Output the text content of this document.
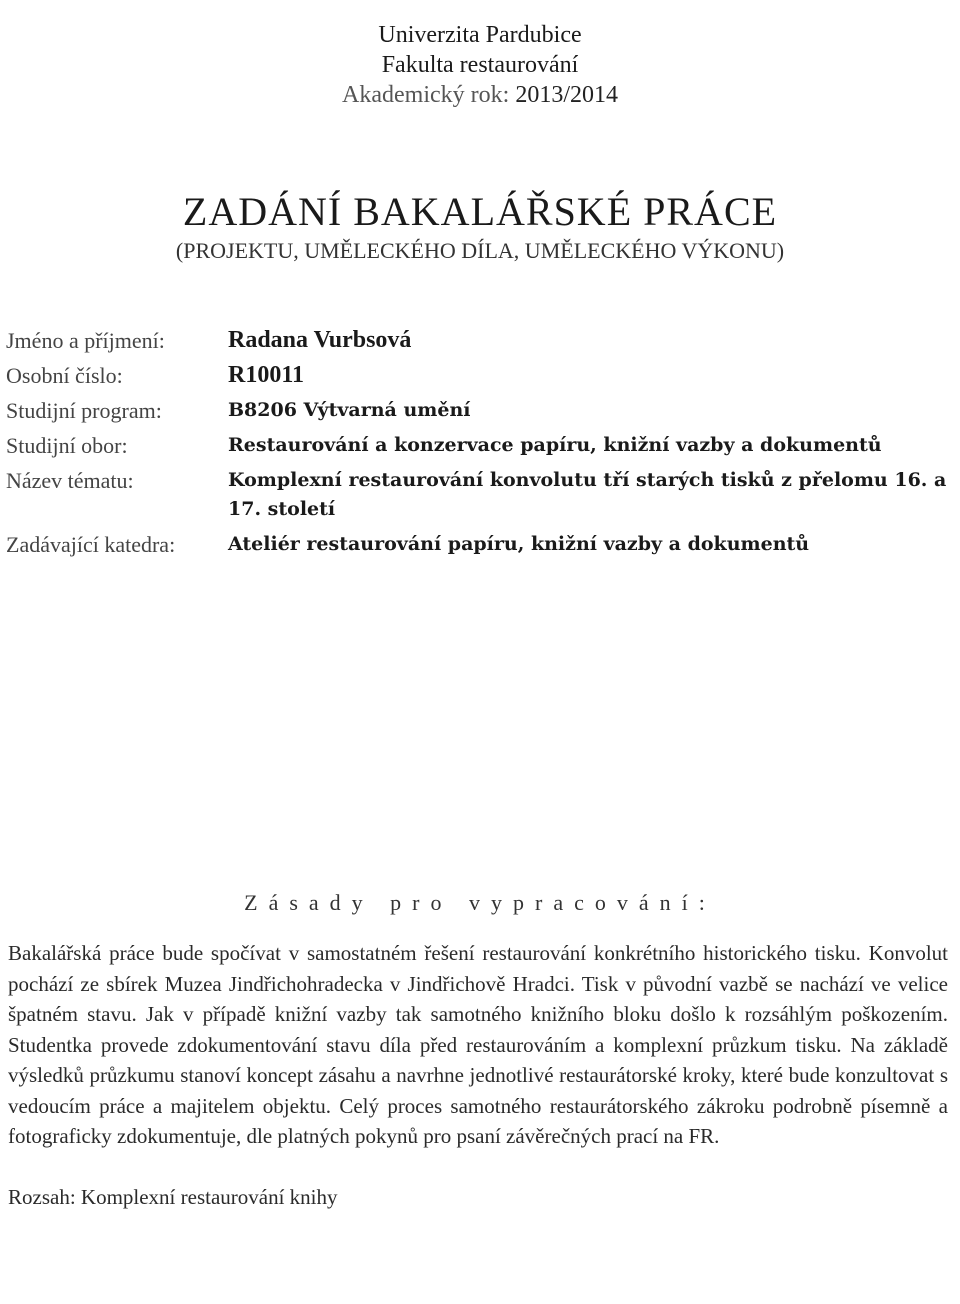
Univerzita Pardubice
Fakulta restaurování
Akademický rok: 2013/2014
ZADÁNÍ BAKALÁŘSKÉ PRÁCE
(PROJEKTU, UMĚLECKÉHO DÍLA, UMĚLECKÉHO VÝKONU)
Jméno a příjmení:	Radana Vurbsová
Osobní číslo:	R10011
Studijní program:	B8206 Výtvarná umění
Studijní obor:	Restaurování a konzervace papíru, knižní vazby a dokumentů
Název tématu:	Komplexní restaurování konvolutu tří starých tisků z přelomu 16. a 17. století
Zadávající katedra:	Ateliér restaurování papíru, knižní vazby a dokumentů
Zásady pro vypracování:
Bakalářská práce bude spočívat v samostatném řešení restaurování konkrétního historického tisku. Konvolut pochází ze sbírek Muzea Jindřichohradecka v Jindřichově Hradci. Tisk v původní vazbě se nachází ve velice špatném stavu. Jak v případě knižní vazby tak samotného knižního bloku došlo k rozsáhlým poškozením. Studentka provede zdokumentování stavu díla před restaurováním a komplexní průzkum tisku. Na základě výsledků průzkumu stanoví koncept zásahu a navrhne jednotlivé restaurátorské kroky, které bude konzultovat s vedoucím práce a majitelem objektu. Celý proces samotného restaurátorského zákroku podrobně písemně a fotograficky zdokumentuje, dle platných pokynů pro psaní závěrečných prací na FR.
Rozsah: Komplexní restaurování knihy
